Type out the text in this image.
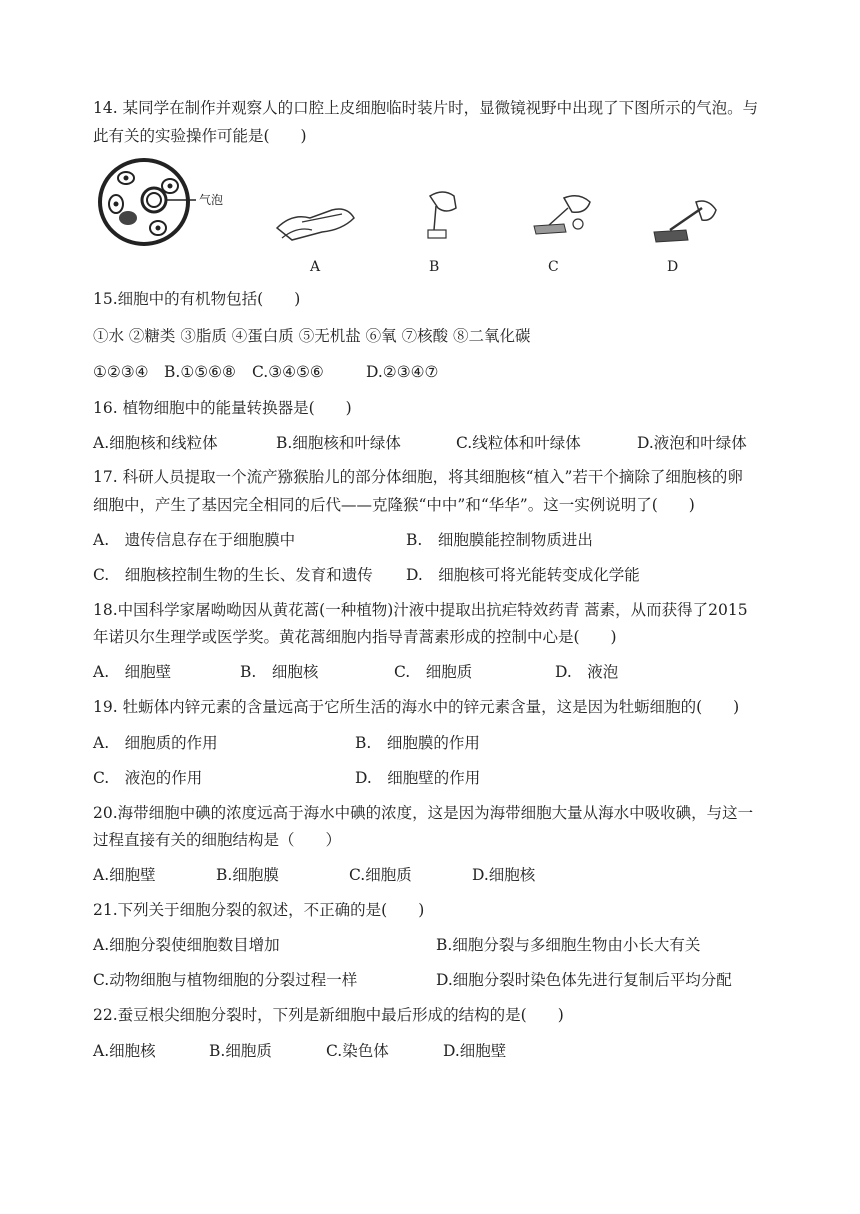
14. 某同学在制作并观察人的口腔上皮细胞临时装片时，显微镜视野中出现了下图所示的气泡。与
此有关的实验操作可能是(　　)
气泡
A	B	C	D
15.细胞中的有机物包括(　　)
①水 ②糖类 ③脂质 ④蛋白质 ⑤无机盐 ⑥氧 ⑦核酸 ⑧二氧化碳
①②③④ B.①⑤⑥⑧ C.③④⑤⑥	D.②③④⑦
16. 植物细胞中的能量转换器是(　　)
A.细胞核和线粒体	B.细胞核和叶绿体	C.线粒体和叶绿体	D.液泡和叶绿体
17. 科研人员提取一个流产猕猴胎儿的部分体细胞，将其细胞核“植入”若干个摘除了细胞核的卵
细胞中，产生了基因完全相同的后代——克隆猴“中中”和“华华”。这一实例说明了(　　)
A.　遗传信息存在于细胞膜中	B.　细胞膜能控制物质进出
C.　细胞核控制生物的生长、发育和遗传 D.　细胞核可将光能转变成化学能
18.中国科学家屠呦呦因从黄花蒿(一种植物)汁液中提取出抗疟特效药青 蒿素，从而获得了2015
年诺贝尔生理学或医学奖。黄花蒿细胞内指导青蒿素形成的控制中心是(　　)
A.　细胞壁	B.　细胞核	C.　细胞质	D.　液泡
19. 牡蛎体内锌元素的含量远高于它所生活的海水中的锌元素含量，这是因为牡蛎细胞的(　　)
A.　细胞质的作用	B.　细胞膜的作用
C.　液泡的作用	D.　细胞壁的作用
20.海带细胞中碘的浓度远高于海水中碘的浓度，这是因为海带细胞大量从海水中吸收碘，与这一
过程直接有关的细胞结构是（　　）
A.细胞壁	B.细胞膜	C.细胞质	D.细胞核
21.下列关于细胞分裂的叙述，不正确的是(　　)
A.细胞分裂使细胞数目增加	B.细胞分裂与多细胞生物由小长大有关
C.动物细胞与植物细胞的分裂过程一样	D.细胞分裂时染色体先进行复制后平均分配
22.蚕豆根尖细胞分裂时，下列是新细胞中最后形成的结构的是(　　)
A.细胞核	B.细胞质	C.染色体	D.细胞壁
